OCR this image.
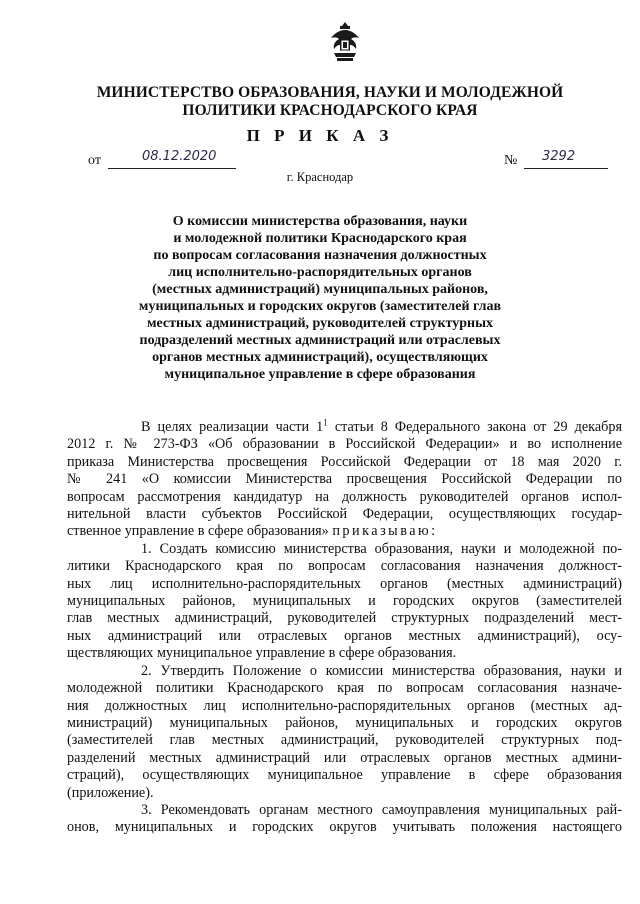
МИНИСТЕРСТВО ОБРАЗОВАНИЯ, НАУКИ И МОЛОДЕЖНОЙ
ПОЛИТИКИ КРАСНОДАРСКОГО КРАЯ
П Р И К А З
от	08.12.2020	№ 3292
г. Краснодар
О комиссии министерства образования, науки
и молодежной политики Краснодарского края
по вопросам согласования назначения должностных
лиц исполнительно-распорядительных органов
(местных администраций) муниципальных районов,
муниципальных и городских округов (заместителей глав
местных администраций, руководителей структурных
подразделений местных администраций или отраслевых
органов местных администраций), осуществляющих
муниципальное управление в сфере образования
В целях реализации части $1^1$ статьи 8 Федерального закона от 29 декабря
2012 г. № 273-ФЗ «Об образовании в Российской Федерации» и во исполнение
приказа Министерства просвещения Российской Федерации от 18 мая 2020 г.
№ 241 «О комиссии Министерства просвещения Российской Федерации по
вопросам рассмотрения кандидатур на должность руководителей органов испол-
нительной власти субъектов Российской Федерации, осуществляющих государ-
ственное управление в сфере образования» приказываю:
1. Создать комиссию министерства образования, науки и молодежной по-
литики Краснодарского края по вопросам согласования назначения должност-
ных лиц исполнительно-распорядительных органов (местных администраций)
муниципальных районов, муниципальных и городских округов (заместителей
глав местных администраций, руководителей структурных подразделений мест-
ных администраций или отраслевых органов местных администраций), осу-
ществляющих муниципальное управление в сфере образования.
2. Утвердить Положение о комиссии министерства образования, науки и
молодежной политики Краснодарского края по вопросам согласования назначе-
ния должностных лиц исполнительно-распорядительных органов (местных ад-
министраций) муниципальных районов, муниципальных и городских округов
(заместителей глав местных администраций, руководителей структурных под-
разделений местных администраций или отраслевых органов местных админи-
страций), осуществляющих муниципальное управление в сфере образования
(приложение).
3. Рекомендовать органам местного самоуправления муниципальных рай-
онов, муниципальных и городских округов учитывать положения настоящего
